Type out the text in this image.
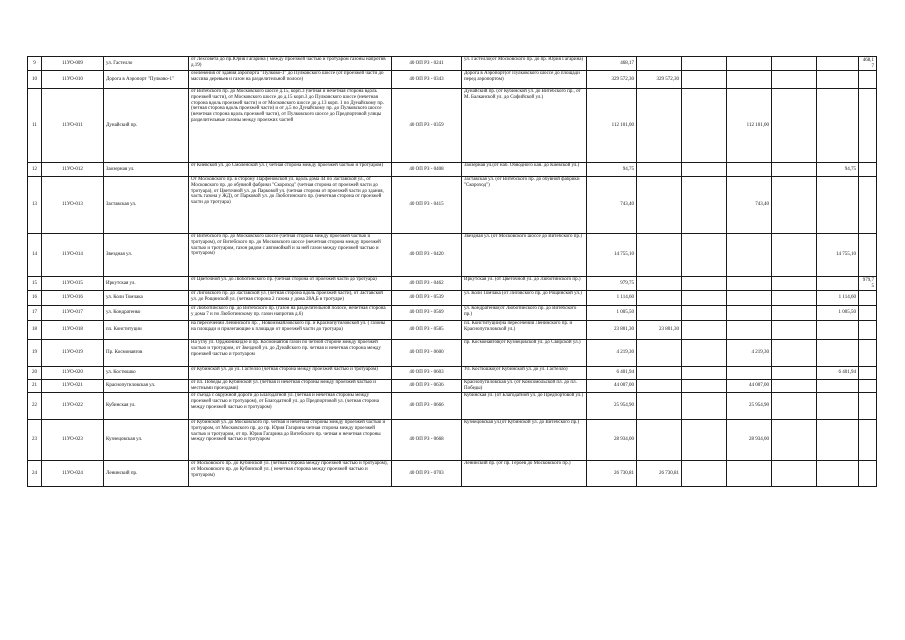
9	11УО-009	ул. Гастелло	от Лехсовета до пр.Юрия Гагарина ( между проезжей частью и тротуаром газоны напротив д.19)	40 ОП РЗ - 0241	ул. Гастелло(от Московского пр. до пр. Юрия Гагарина)	468,17						468,17
10	11УО-010	Дорога в Аэропорт "Пулково-1"	озеленения от здания аэропорта "Пулково-1" до Пулковского шоссе (от проезжей части до массива деревьев и газон на разделительной полосе)	40 ОП РЗ - 0343	Дорога в Аэропорт(от Пулковского шоссе до площади перед аэропортом)	329 572,30	329 572,30					
11	11УО-011	Дунайский пр.	от Витебского пр. до Московского шоссе д.15, корп.3 (четная и нечетная сторона вдоль проезжей части), от Московского шоссе до д.15 корп.3 до Пулковского шоссе (нечетная сторона вдоль проезжей части) и от Московского шоссе до д.13 корп. 1 по Дунайскому пр. (четная сторона вдоль проезжей части) и от д.5 по Дунайскому пр. до Пулковского шоссе (нечетная сторона вдоль проезжей части), от Пулковского шоссе до Предпортовой улицы разделительные газоны между проезжих частей	40 ОП РЗ - 0359	Дунайский пр. (от Кубинской ул. до Витебского пр., от М. Балканской ул. до Софийской ул.)	112 101,00			112 101,00			
12	11УО-012	Заозерная ул.	от Киевской ул. до Смоленской ул. ( четная сторона между проезжей частью и тротуаром)	40 ОП РЗ - 0408	Заозерная ул.(от наб. Обводного кан. до Киевской ул.)	94,75					94,75	
13	11УО-013	Заставская ул.	От Московского пр. в сторону Парфеновской ул. вдоль дома 44 по Заставской ул., от Московского пр. до обувной фабрики "Скороход" (четная сторона от проезжей части до тротуара), от Цветочной ул. до Парковой ул. (четная сторона от проезжей части до здания, часть газона у ЖД), от Парковой ул. до Люботинского пр. (нечетная сторона от проезжей части до тротуара)	40 ОП РЗ - 0415	Заставская ул. (от Витебского пр. до обувной фабрики "Скороход")	743,40			743,40			
14	11УО-014	Звездная ул.	от Витебского пр. до Московского шоссе (четная сторона между проезжей частью и тротуаром), от Витебского пр. до Московского шоссе (нечетная сторона между проезжей частью и тротуаром, газон рядом с автомойкой и за ней газон между проезжей частью и тротуаром)	40 ОП РЗ - 0420	Звездная ул. (от Московского шоссе до Витебского пр.)	14 755,10					14 755,10	
15	11УО-015	Иркутская ул.	от Цветочной ул. до Люботинского пр. (четная сторона от проезжей части до тротуара)	40 ОП РЗ - 0462	Иркутская ул. (от Цветочной ул. до Люботинского пр.)	979,75						979,75
16	11УО-016	ул. Коли Томчака	от Лиговского пр. до Заставской ул. (четная сторона вдоль проезжей части), от Заставской ул. до Рощинской ул. (четная сторона 2 газона у дома 28А,Б в тротуаре)	40 ОП РЗ - 0539	ул. Коли Томчака (от Лиговского пр. до Рощинской ул.)	1 114,60					1 114,60	
17	11УО-017	ул. Кондратенко	от Люботинского пр. до Витебского пр. (газон на разделительной полосе, нечетная сторона у дома 7 и по Люботинскому пр. газон напротив д.6)	40 ОП РЗ - 0569	ул. Кондратенко(от Люботинского пр. до Витебского пр.)	1 005,50					1 005,50	
18	11УО-018	пл. Конституции	на пересечении Ленинского пр. , Новоизмайловского пр. и Краснопутиловской ул. ( газоны на площади и прилегающие к площади от проезжей части до тротуара)	40 ОП РЗ - 0585	пл. Конституции(на пересечении Ленинского пр. и Краснопутиловской ул.)	23 801,30	23 801,30					
19	11УО-019	Пр. Космонавтов	На углу ул. Орджоникидзе и пр. Космонавтов газон по четной стороне между проезжей частью и тротуаром, от Звездной ул. до Дунайского пр. четная и нечетная сторона между проезжей частью и тротуаром	40 ОП РЗ - 0600	пр. Космонавтов(от Кузнецовской ул. до Свирской ул.)	4 219,30			4 219,30			
20	11УО-020	ул. Костюшко	от Кубинской ул. до ул. Гастелло (четная сторона между проезжей частью и тротуаром)	40 ОП РЗ - 0603	Ул. Костюшко(от Кубинской ул. до ул. Гастелло)	6 401,94					6 401,94	
21	11УО-021	Краснопутиловская ул.	от пл. Победы до Кубинской ул. (четная и нечетная стороны между проезжей частью и местными проездами)	40 ОП РЗ - 0636	Краснопутиловская ул. (от Комсомольской пл. до пл. Победы)	44 007,00			44 007,00			
22	11УО-022	Кубинская ул.	от съезда с окружной дороги до Благодатной ул. (четная и нечетная стороны между проезжей частью и тротуаром), от Благодатной ул. до Предпортовой ул. (четная сторона между проезжей частью и тротуаром)	40 ОП РЗ - 0666	Кубинская ул. (от Благодатной ул. до Предпортовой ул.)	25 954,90			25 954,90			
23	11УО-023	Кузнецовская ул.	от Кубинской ул. до Московского пр. четная и нечетная стороны между проезжей частью и тротуаром, от Московского пр. до пр. Юрия Гагарина четная сторона между проезжей частью и тротуаром, от пр. Юрия Гагарина до Витебского пр. четная и нечетная стороны между проезжей частью и тротуаром	40 ОП РЗ - 0668	Кузнецовская ул.(от Кубинской ул. до Витебского пр.)	28 934,00			28 934,00			
24	11УО-024	Ленинский пр.	от Московского пр. до Кубинской ул. (четная сторона между проезжей частью и тротуаром), от Московского пр. до Кубинской ул. ( нечетная сторона между проезжей частью и тротуаром)	40 ОП РЗ - 0703	Ленинский пр. (от пр. Героев до Московского пр.)	26 730,81	26 730,81					
